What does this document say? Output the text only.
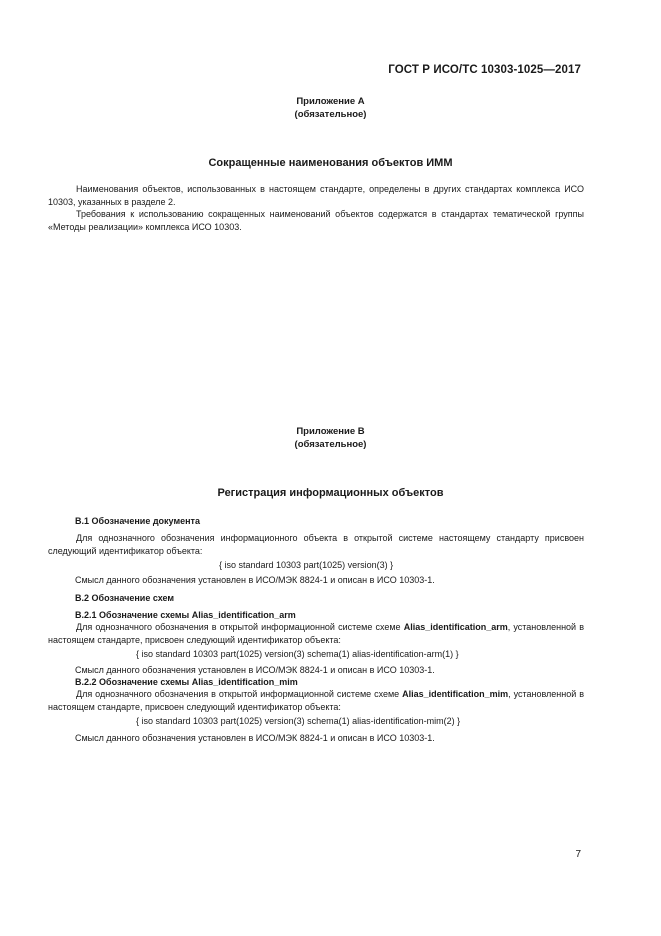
ГОСТ Р ИСО/ТС 10303-1025—2017
Приложение А
(обязательное)
Сокращенные наименования объектов ИММ
Наименования объектов, использованных в настоящем стандарте, определены в других стандартах комплекса ИСО 10303, указанных в разделе 2.
Требования к использованию сокращенных наименований объектов содержатся в стандартах тематической группы «Методы реализации» комплекса ИСО 10303.
Приложение В
(обязательное)
Регистрация информационных объектов
В.1 Обозначение документа
Для однозначного обозначения информационного объекта в открытой системе настоящему стандарту присвоен следующий идентификатор объекта:
{ iso standard 10303 part(1025) version(3) }
Смысл данного обозначения установлен в ИСО/МЭК 8824-1 и описан в ИСО 10303-1.
В.2 Обозначение схем
В.2.1 Обозначение схемы Alias_identification_arm
Для однозначного обозначения в открытой информационной системе схеме Alias_identification_arm, установленной в настоящем стандарте, присвоен следующий идентификатор объекта:
{ iso standard 10303 part(1025) version(3) schema(1) alias-identification-arm(1) }
Смысл данного обозначения установлен в ИСО/МЭК 8824-1 и описан в ИСО 10303-1.
В.2.2 Обозначение схемы Alias_identification_mim
Для однозначного обозначения в открытой информационной системе схеме Alias_identification_mim, установленной в настоящем стандарте, присвоен следующий идентификатор объекта:
{ iso standard 10303 part(1025) version(3) schema(1) alias-identification-mim(2) }
Смысл данного обозначения установлен в ИСО/МЭК 8824-1 и описан в ИСО 10303-1.
7
